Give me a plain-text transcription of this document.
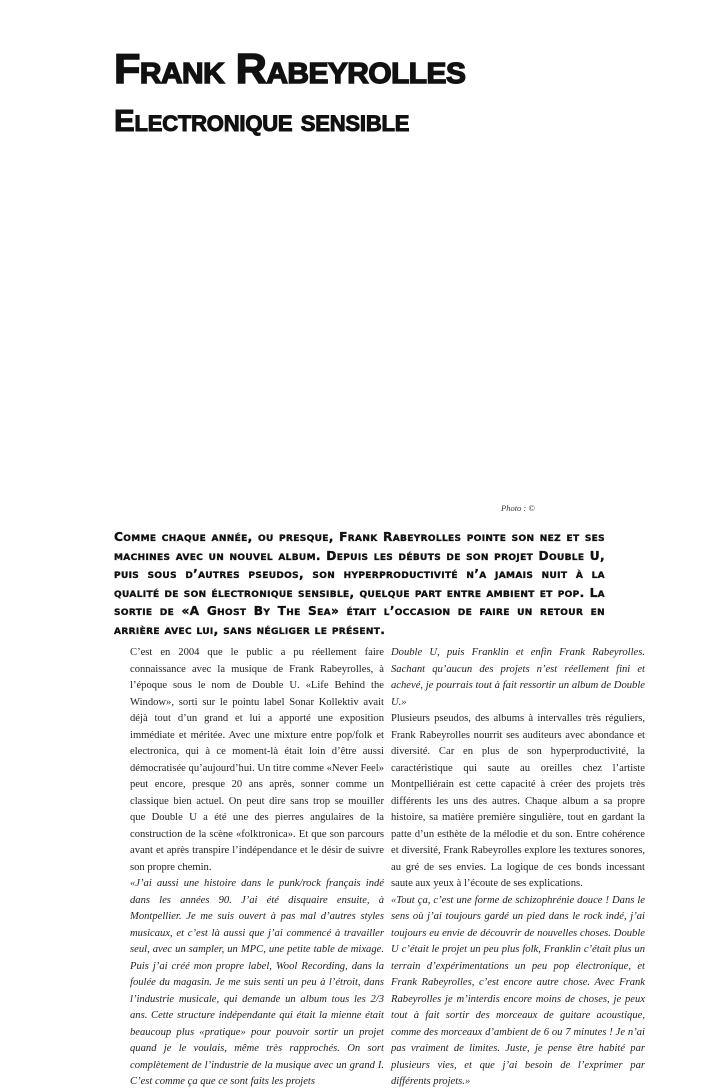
Frank Rabeyrolles
Electronique sensible
Photo : ©

Comme chaque année, ou presque, Frank Rabeyrolles pointe son nez et ses machines avec un nouvel album. Depuis les débuts de son projet Double U, puis sous d’autres pseudos, son hyperproductivité n’a jamais nuit à la qualité de son électronique sensible, quelque part entre ambient et pop. La sortie de «A Ghost By The Sea» était l’occasion de faire un retour en arrière avec lui, sans négliger le présent.

C’est en 2004 que le public a pu réellement faire connaissance avec la musique de Frank Rabeyrolles, à l’époque sous le nom de Double U. «Life Behind the Window», sorti sur le pointu label Sonar Kollektiv avait déjà tout d’un grand et lui a apporté une exposition immédiate et méritée. Avec une mixture entre pop/folk et electronica, qui à ce moment-là était loin d’être aussi démocratisée qu’aujourd’hui. Un titre comme «Never Feel» peut encore, presque 20 ans après, sonner comme un classique bien actuel. On peut dire sans trop se mouiller que Double U a été une des pierres angulaires de la construction de la scène «folktronica». Et que son parcours avant et après transpire l’indépendance et le désir de suivre son propre chemin.

«J’ai aussi une histoire dans le punk/rock français indé dans les années 90. J’ai été disquaire ensuite, à Montpellier. Je me suis ouvert à pas mal d’autres styles musicaux, et c’est là aussi que j’ai commencé à travailler seul, avec un sampler, un MPC, une petite table de mixage. Puis j’ai créé mon propre label, Wool Recording, dans la foulée du magasin. Je me suis senti un peu à l’étroit, dans l’industrie musicale, qui demande un album tous les 2/3 ans. Cette structure indépendante qui était la mienne était beaucoup plus «pratique» pour pouvoir sortir un projet quand je le voulais, même très rapprochés. On sort complètement de l’industrie de la musique avec un grand I. C’est comme ça que ce sont faits les projets

Double U, puis Franklin et enfin Frank Rabeyrolles. Sachant qu’aucun des projets n’est réellement fini et achevé, je pourrais tout à fait ressortir un album de Double U.»

Plusieurs pseudos, des albums à intervalles très réguliers, Frank Rabeyrolles nourrit ses auditeurs avec abondance et diversité. Car en plus de son hyperproductivité, la caractéristique qui saute au oreilles chez l’artiste Montpelliérain est cette capacité à créer des projets très différents les uns des autres. Chaque album a sa propre histoire, sa matière première singulière, tout en gardant la patte d’un esthète de la mélodie et du son. Entre cohérence et diversité, Frank Rabeyrolles explore les textures sonores, au gré de ses envies. La logique de ces bonds incessant saute aux yeux à l’écoute de ses explications.

«Tout ça, c’est une forme de schizophrénie douce ! Dans le sens où j’ai toujours gardé un pied dans le rock indé, j’ai toujours eu envie de découvrir de nouvelles choses. Double U c’était le projet un peu plus folk, Franklin c’était plus un terrain d’expérimentations un peu pop électronique, et Frank Rabeyrolles, c’est encore autre chose. Avec Frank Rabeyrolles je m’interdis encore moins de choses, je peux tout à fait sortir des morceaux de guitare acoustique, comme des morceaux d’ambient de 6 ou 7 minutes ! Je n’ai pas vraiment de limites. Juste, je pense être habité par plusieurs vies, et que j’ai besoin de l’exprimer par différents projets.»
